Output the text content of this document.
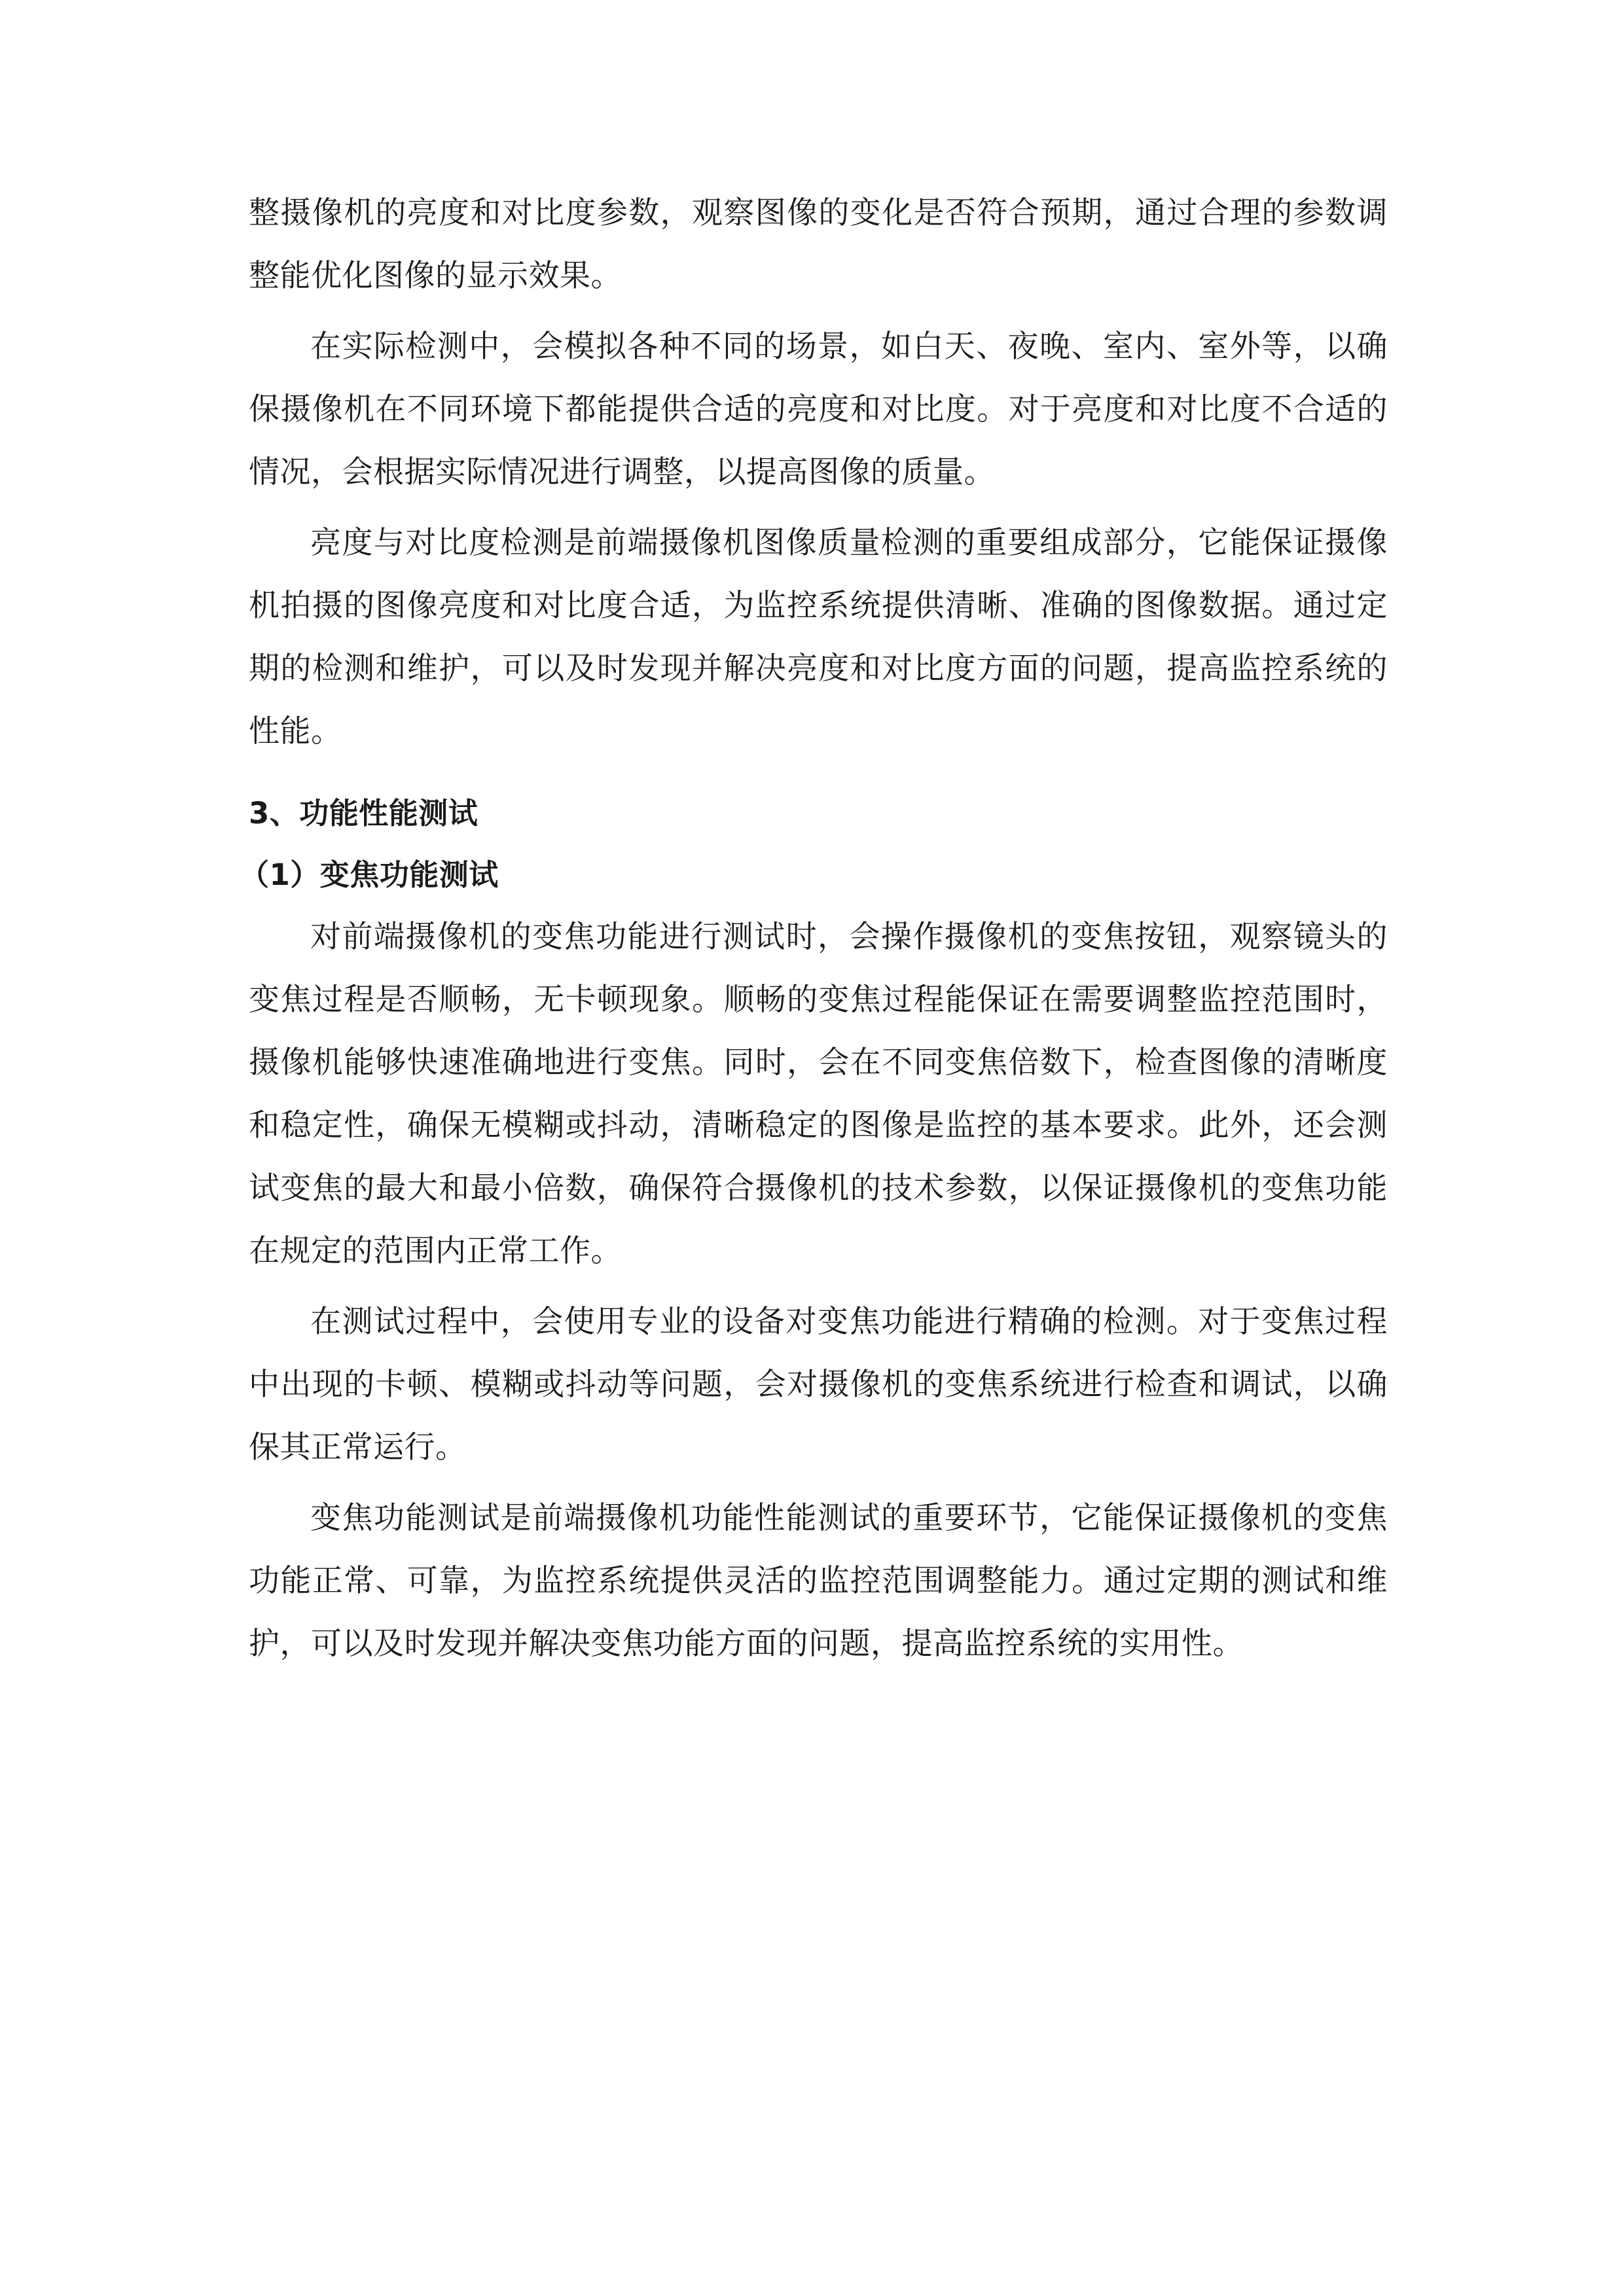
整摄像机的亮度和对比度参数，观察图像的变化是否符合预期，通过合理的参数调整能优化图像的显示效果。

在实际检测中，会模拟各种不同的场景，如白天、夜晚、室内、室外等，以确保摄像机在不同环境下都能提供合适的亮度和对比度。对于亮度和对比度不合适的情况，会根据实际情况进行调整，以提高图像的质量。

亮度与对比度检测是前端摄像机图像质量检测的重要组成部分，它能保证摄像机拍摄的图像亮度和对比度合适，为监控系统提供清晰、准确的图像数据。通过定期的检测和维护，可以及时发现并解决亮度和对比度方面的问题，提高监控系统的性能。

3、功能性能测试
（1）变焦功能测试

对前端摄像机的变焦功能进行测试时，会操作摄像机的变焦按钮，观察镜头的变焦过程是否顺畅，无卡顿现象。顺畅的变焦过程能保证在需要调整监控范围时，摄像机能够快速准确地进行变焦。同时，会在不同变焦倍数下，检查图像的清晰度和稳定性，确保无模糊或抖动，清晰稳定的图像是监控的基本要求。此外，还会测试变焦的最大和最小倍数，确保符合摄像机的技术参数，以保证摄像机的变焦功能在规定的范围内正常工作。

在测试过程中，会使用专业的设备对变焦功能进行精确的检测。对于变焦过程中出现的卡顿、模糊或抖动等问题，会对摄像机的变焦系统进行检查和调试，以确保其正常运行。

变焦功能测试是前端摄像机功能性能测试的重要环节，它能保证摄像机的变焦功能正常、可靠，为监控系统提供灵活的监控范围调整能力。通过定期的测试和维护，可以及时发现并解决变焦功能方面的问题，提高监控系统的实用性。
